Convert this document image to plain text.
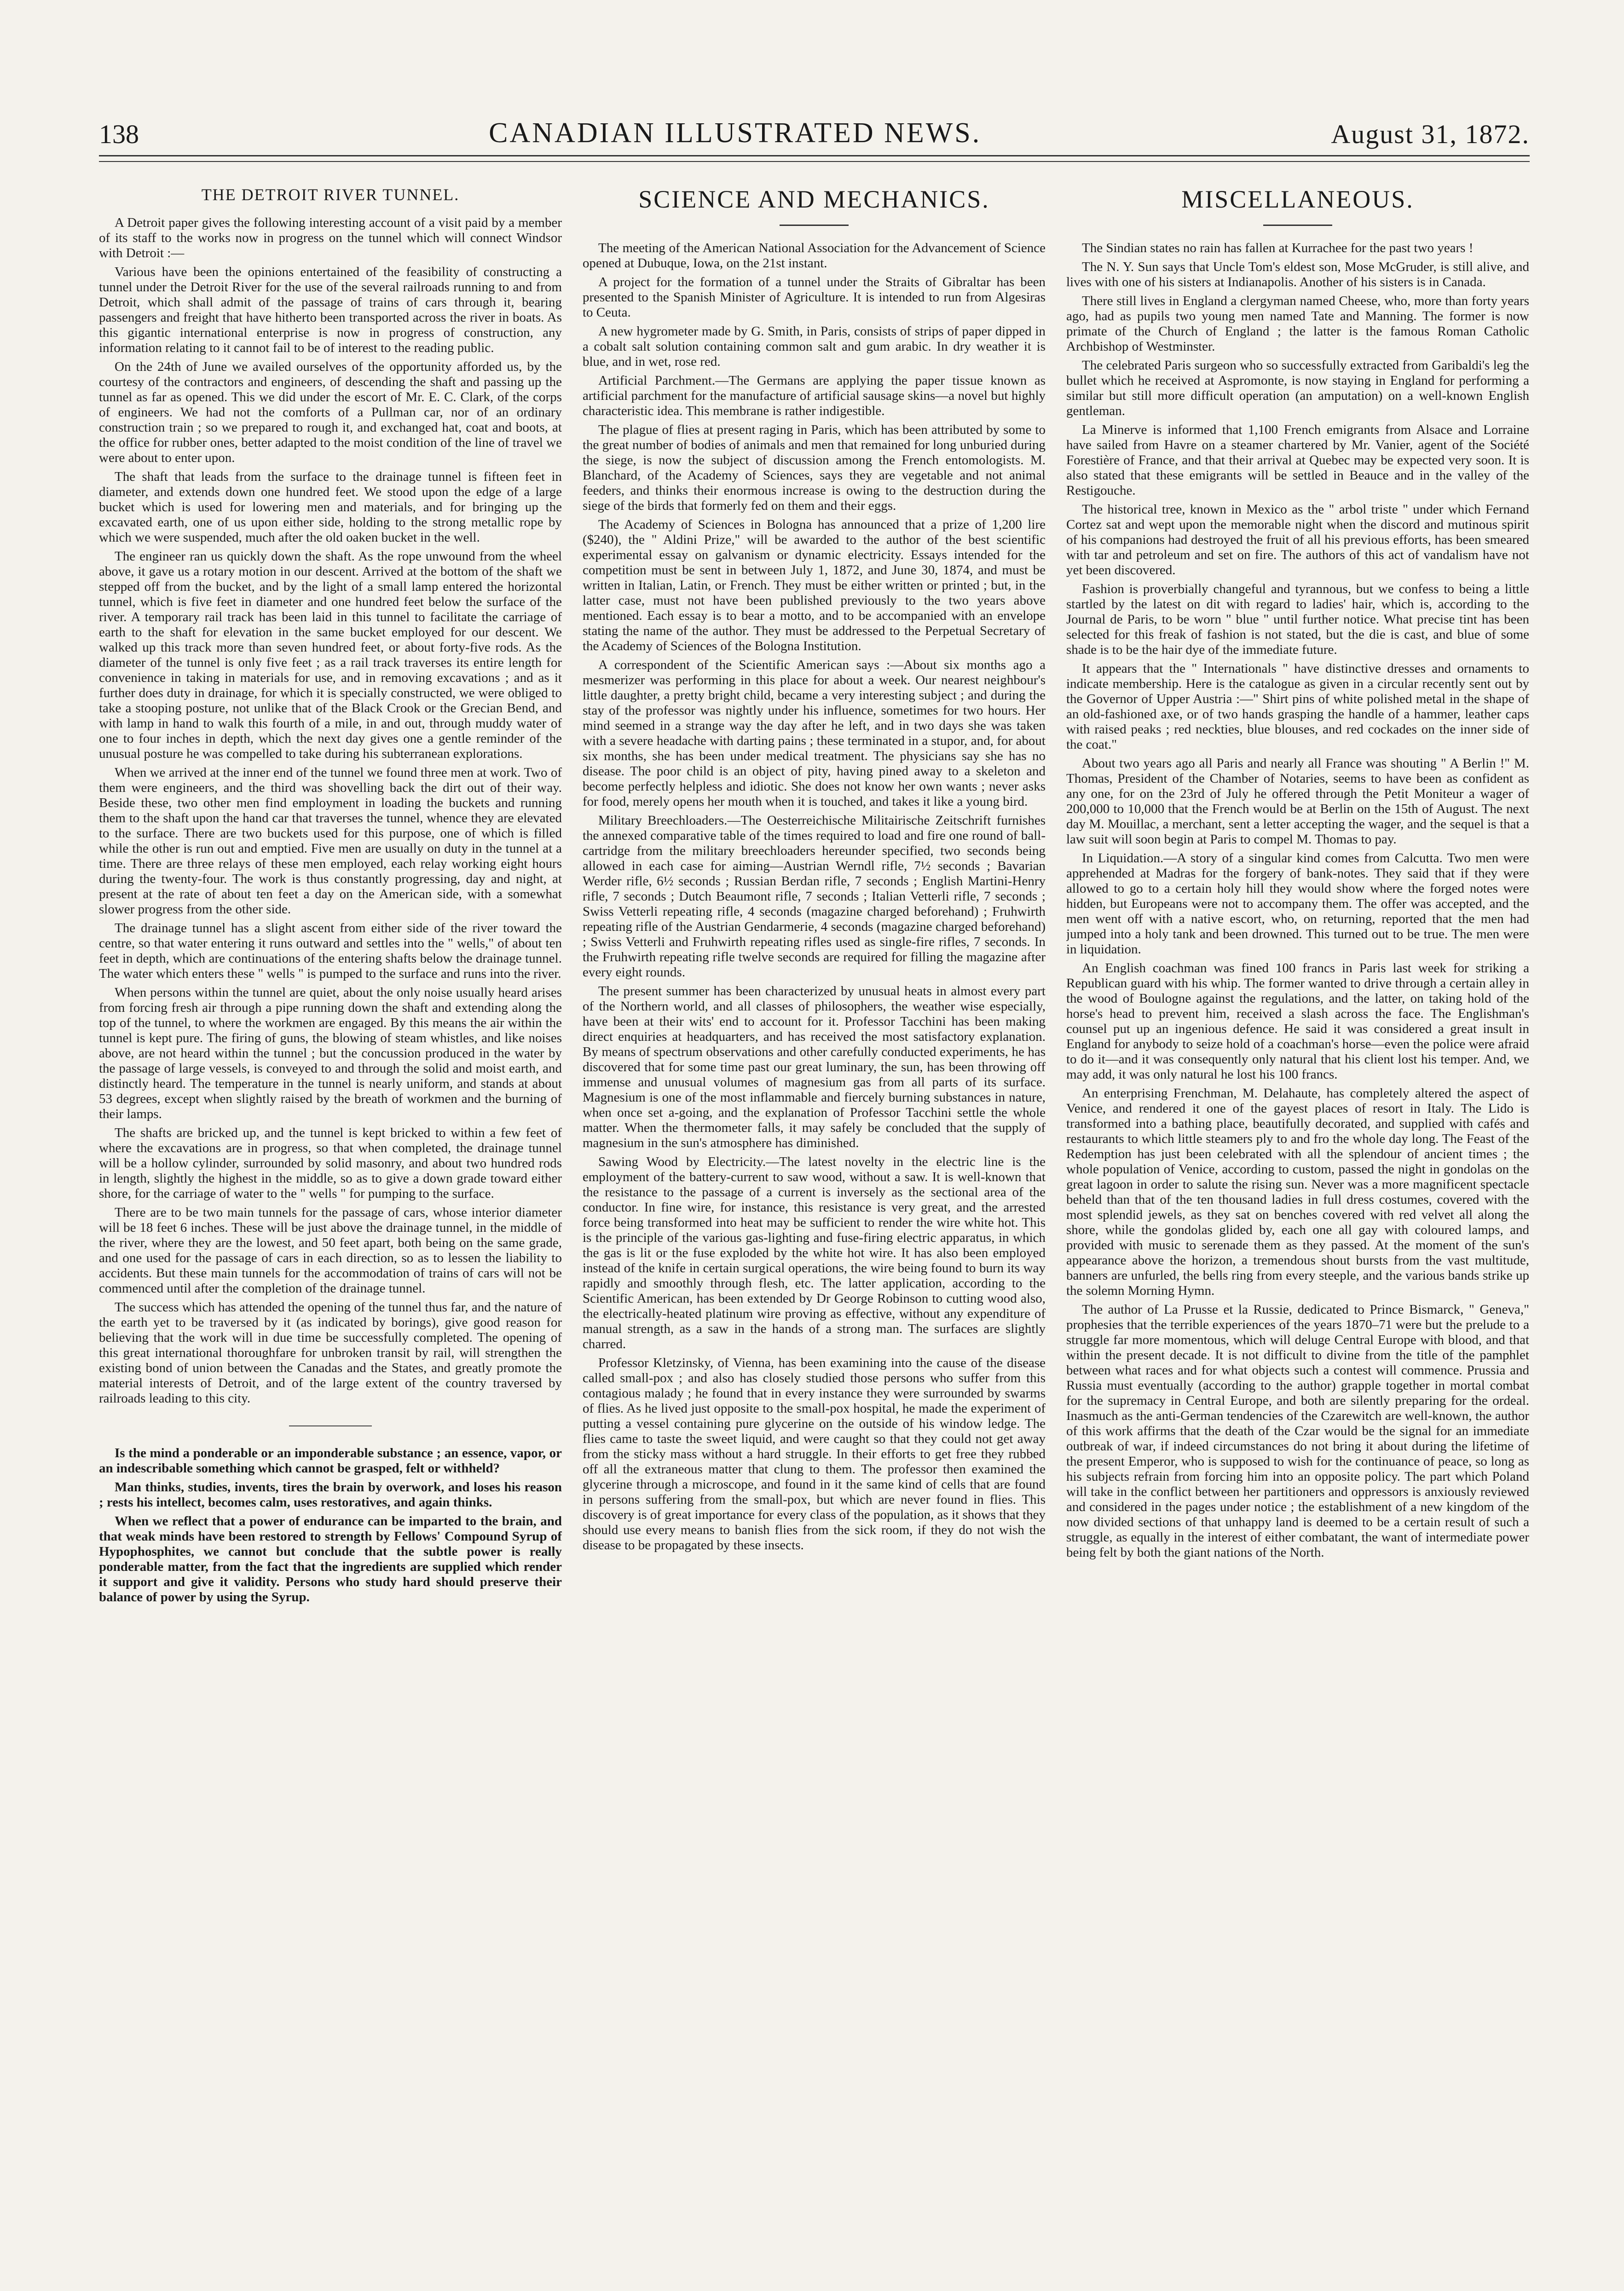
138	CANADIAN ILLUSTRATED NEWS.	August 31, 1872.
THE DETROIT RIVER TUNNEL.

A Detroit paper gives the following interesting account of a visit paid by a member of its staff to the works now in progress on the tunnel which will connect Windsor with Detroit :—

Various have been the opinions entertained of the feasibility of constructing a tunnel under the Detroit River for the use of the several railroads running to and from Detroit, which shall admit of the passage of trains of cars through it, bearing passengers and freight that have hitherto been transported across the river in boats. As this gigantic international enterprise is now in progress of construction, any information relating to it cannot fail to be of interest to the reading public.

On the 24th of June we availed ourselves of the opportunity afforded us, by the courtesy of the contractors and engineers, of descending the shaft and passing up the tunnel as far as opened. This we did under the escort of Mr. E. C. Clark, of the corps of engineers. We had not the comforts of a Pullman car, nor of an ordinary construction train ; so we prepared to rough it, and exchanged hat, coat and boots, at the office for rubber ones, better adapted to the moist condition of the line of travel we were about to enter upon.

The shaft that leads from the surface to the drainage tunnel is fifteen feet in diameter, and extends down one hundred feet. We stood upon the edge of a large bucket which is used for lowering men and materials, and for bringing up the excavated earth, one of us upon either side, holding to the strong metallic rope by which we were suspended, much after the old oaken bucket in the well.

The engineer ran us quickly down the shaft. As the rope unwound from the wheel above, it gave us a rotary motion in our descent. Arrived at the bottom of the shaft we stepped off from the bucket, and by the light of a small lamp entered the horizontal tunnel, which is five feet in diameter and one hundred feet below the surface of the river. A temporary rail track has been laid in this tunnel to facilitate the carriage of earth to the shaft for elevation in the same bucket employed for our descent. We walked up this track more than seven hundred feet, or about forty-five rods. As the diameter of the tunnel is only five feet ; as a rail track traverses its entire length for convenience in taking in materials for use, and in removing excavations ; and as it further does duty in drainage, for which it is specially constructed, we were obliged to take a stooping posture, not unlike that of the Black Crook or the Grecian Bend, and with lamp in hand to walk this fourth of a mile, in and out, through muddy water of one to four inches in depth, which the next day gives one a gentle reminder of the unusual posture he was compelled to take during his subterranean explorations.

When we arrived at the inner end of the tunnel we found three men at work. Two of them were engineers, and the third was shovelling back the dirt out of their way. Beside these, two other men find employment in loading the buckets and running them to the shaft upon the hand car that traverses the tunnel, whence they are elevated to the surface. There are two buckets used for this purpose, one of which is filled while the other is run out and emptied. Five men are usually on duty in the tunnel at a time. There are three relays of these men employed, each relay working eight hours during the twenty-four. The work is thus constantly progressing, day and night, at present at the rate of about ten feet a day on the American side, with a somewhat slower progress from the other side.

The drainage tunnel has a slight ascent from either side of the river toward the centre, so that water entering it runs outward and settles into the " wells," of about ten feet in depth, which are continuations of the entering shafts below the drainage tunnel. The water which enters these " wells " is pumped to the surface and runs into the river.

When persons within the tunnel are quiet, about the only noise usually heard arises from forcing fresh air through a pipe running down the shaft and extending along the top of the tunnel, to where the workmen are engaged. By this means the air within the tunnel is kept pure. The firing of guns, the blowing of steam whistles, and like noises above, are not heard within the tunnel ; but the concussion produced in the water by the passage of large vessels, is conveyed to and through the solid and moist earth, and distinctly heard. The temperature in the tunnel is nearly uniform, and stands at about 53 degrees, except when slightly raised by the breath of workmen and the burning of their lamps.

The shafts are bricked up, and the tunnel is kept bricked to within a few feet of where the excavations are in progress, so that when completed, the drainage tunnel will be a hollow cylinder, surrounded by solid masonry, and about two hundred rods in length, slightly the highest in the middle, so as to give a down grade toward either shore, for the carriage of water to the " wells " for pumping to the surface.

There are to be two main tunnels for the passage of cars, whose interior diameter will be 18 feet 6 inches. These will be just above the drainage tunnel, in the middle of the river, where they are the lowest, and 50 feet apart, both being on the same grade, and one used for the passage of cars in each direction, so as to lessen the liability to accidents. But these main tunnels for the accommodation of trains of cars will not be commenced until after the completion of the drainage tunnel.

The success which has attended the opening of the tunnel thus far, and the nature of the earth yet to be traversed by it (as indicated by borings), give good reason for believing that the work will in due time be successfully completed. The opening of this great international thoroughfare for unbroken transit by rail, will strengthen the existing bond of union between the Canadas and the States, and greatly promote the material interests of Detroit, and of the large extent of the country traversed by railroads leading to this city.

Is the mind a ponderable or an imponderable substance ; an essence, vapor, or an indescribable something which cannot be grasped, felt or withheld?

Man thinks, studies, invents, tires the brain by overwork, and loses his reason ; rests his intellect, becomes calm, uses restoratives, and again thinks.

When we reflect that a power of endurance can be imparted to the brain, and that weak minds have been restored to strength by Fellows' Compound Syrup of Hypophosphites, we cannot but conclude that the subtle power is really ponderable matter, from the fact that the ingredients are supplied which render it support and give it validity. Persons who study hard should preserve their balance of power by using the Syrup.

SCIENCE AND MECHANICS.

The meeting of the American National Association for the Advancement of Science opened at Dubuque, Iowa, on the 21st instant.

A project for the formation of a tunnel under the Straits of Gibraltar has been presented to the Spanish Minister of Agriculture. It is intended to run from Algesiras to Ceuta.

A new hygrometer made by G. Smith, in Paris, consists of strips of paper dipped in a cobalt salt solution containing common salt and gum arabic. In dry weather it is blue, and in wet, rose red.

Artificial Parchment.—The Germans are applying the paper tissue known as artificial parchment for the manufacture of artificial sausage skins—a novel but highly characteristic idea. This membrane is rather indigestible.

The plague of flies at present raging in Paris, which has been attributed by some to the great number of bodies of animals and men that remained for long unburied during the siege, is now the subject of discussion among the French entomologists. M. Blanchard, of the Academy of Sciences, says they are vegetable and not animal feeders, and thinks their enormous increase is owing to the destruction during the siege of the birds that formerly fed on them and their eggs.

The Academy of Sciences in Bologna has announced that a prize of 1,200 lire ($240), the " Aldini Prize," will be awarded to the author of the best scientific experimental essay on galvanism or dynamic electricity. Essays intended for the competition must be sent in between July 1, 1872, and June 30, 1874, and must be written in Italian, Latin, or French. They must be either written or printed ; but, in the latter case, must not have been published previously to the two years above mentioned. Each essay is to bear a motto, and to be accompanied with an envelope stating the name of the author. They must be addressed to the Perpetual Secretary of the Academy of Sciences of the Bologna Institution.

A correspondent of the Scientific American says :—About six months ago a mesmerizer was performing in this place for about a week. Our nearest neighbour's little daughter, a pretty bright child, became a very interesting subject ; and during the stay of the professor was nightly under his influence, sometimes for two hours. Her mind seemed in a strange way the day after he left, and in two days she was taken with a severe headache with darting pains ; these terminated in a stupor, and, for about six months, she has been under medical treatment. The physicians say she has no disease. The poor child is an object of pity, having pined away to a skeleton and become perfectly helpless and idiotic. She does not know her own wants ; never asks for food, merely opens her mouth when it is touched, and takes it like a young bird.

Military Breechloaders.—The Oesterreichische Militairische Zeitschrift furnishes the annexed comparative table of the times required to load and fire one round of ball-cartridge from the military breechloaders hereunder specified, two seconds being allowed in each case for aiming—Austrian Werndl rifle, 7½ seconds ; Bavarian Werder rifle, 6½ seconds ; Russian Berdan rifle, 7 seconds ; English Martini-Henry rifle, 7 seconds ; Dutch Beaumont rifle, 7 seconds ; Italian Vetterli rifle, 7 seconds ; Swiss Vetterli repeating rifle, 4 seconds (magazine charged beforehand) ; Fruhwirth repeating rifle of the Austrian Gendarmerie, 4 seconds (magazine charged beforehand) ; Swiss Vetterli and Fruhwirth repeating rifles used as single-fire rifles, 7 seconds. In the Fruhwirth repeating rifle twelve seconds are required for filling the magazine after every eight rounds.

The present summer has been characterized by unusual heats in almost every part of the Northern world, and all classes of philosophers, the weather wise especially, have been at their wits' end to account for it. Professor Tacchini has been making direct enquiries at headquarters, and has received the most satisfactory explanation. By means of spectrum observations and other carefully conducted experiments, he has discovered that for some time past our great luminary, the sun, has been throwing off immense and unusual volumes of magnesium gas from all parts of its surface. Magnesium is one of the most inflammable and fiercely burning substances in nature, when once set a-going, and the explanation of Professor Tacchini settle the whole matter. When the thermometer falls, it may safely be concluded that the supply of magnesium in the sun's atmosphere has diminished.

Sawing Wood by Electricity.—The latest novelty in the electric line is the employment of the battery-current to saw wood, without a saw. It is well-known that the resistance to the passage of a current is inversely as the sectional area of the conductor. In fine wire, for instance, this resistance is very great, and the arrested force being transformed into heat may be sufficient to render the wire white hot. This is the principle of the various gas-lighting and fuse-firing electric apparatus, in which the gas is lit or the fuse exploded by the white hot wire. It has also been employed instead of the knife in certain surgical operations, the wire being found to burn its way rapidly and smoothly through flesh, etc. The latter application, according to the Scientific American, has been extended by Dr George Robinson to cutting wood also, the electrically-heated platinum wire proving as effective, without any expenditure of manual strength, as a saw in the hands of a strong man. The surfaces are slightly charred.

Professor Kletzinsky, of Vienna, has been examining into the cause of the disease called small-pox ; and also has closely studied those persons who suffer from this contagious malady ; he found that in every instance they were surrounded by swarms of flies. As he lived just opposite to the small-pox hospital, he made the experiment of putting a vessel containing pure glycerine on the outside of his window ledge. The flies came to taste the sweet liquid, and were caught so that they could not get away from the sticky mass without a hard struggle. In their efforts to get free they rubbed off all the extraneous matter that clung to them. The professor then examined the glycerine through a microscope, and found in it the same kind of cells that are found in persons suffering from the small-pox, but which are never found in flies. This discovery is of great importance for every class of the population, as it shows that they should use every means to banish flies from the sick room, if they do not wish the disease to be propagated by these insects.

MISCELLANEOUS.

The Sindian states no rain has fallen at Kurrachee for the past two years !

The N. Y. Sun says that Uncle Tom's eldest son, Mose McGruder, is still alive, and lives with one of his sisters at Indianapolis. Another of his sisters is in Canada.

There still lives in England a clergyman named Cheese, who, more than forty years ago, had as pupils two young men named Tate and Manning. The former is now primate of the Church of England ; the latter is the famous Roman Catholic Archbishop of Westminster.

The celebrated Paris surgeon who so successfully extracted from Garibaldi's leg the bullet which he received at Aspromonte, is now staying in England for performing a similar but still more difficult operation (an amputation) on a well-known English gentleman.

La Minerve is informed that 1,100 French emigrants from Alsace and Lorraine have sailed from Havre on a steamer chartered by Mr. Vanier, agent of the Société Forestière of France, and that their arrival at Quebec may be expected very soon. It is also stated that these emigrants will be settled in Beauce and in the valley of the Restigouche.

The historical tree, known in Mexico as the " arbol triste " under which Fernand Cortez sat and wept upon the memorable night when the discord and mutinous spirit of his companions had destroyed the fruit of all his previous efforts, has been smeared with tar and petroleum and set on fire. The authors of this act of vandalism have not yet been discovered.

Fashion is proverbially changeful and tyrannous, but we confess to being a little startled by the latest on dit with regard to ladies' hair, which is, according to the Journal de Paris, to be worn " blue " until further notice. What precise tint has been selected for this freak of fashion is not stated, but the die is cast, and blue of some shade is to be the hair dye of the immediate future.

It appears that the " Internationals " have distinctive dresses and ornaments to indicate membership. Here is the catalogue as given in a circular recently sent out by the Governor of Upper Austria :—" Shirt pins of white polished metal in the shape of an old-fashioned axe, or of two hands grasping the handle of a hammer, leather caps with raised peaks ; red neckties, blue blouses, and red cockades on the inner side of the coat."

About two years ago all Paris and nearly all France was shouting " A Berlin !" M. Thomas, President of the Chamber of Notaries, seems to have been as confident as any one, for on the 23rd of July he offered through the Petit Moniteur a wager of 200,000 to 10,000 that the French would be at Berlin on the 15th of August. The next day M. Mouillac, a merchant, sent a letter accepting the wager, and the sequel is that a law suit will soon begin at Paris to compel M. Thomas to pay.

In Liquidation.—A story of a singular kind comes from Calcutta. Two men were apprehended at Madras for the forgery of bank-notes. They said that if they were allowed to go to a certain holy hill they would show where the forged notes were hidden, but Europeans were not to accompany them. The offer was accepted, and the men went off with a native escort, who, on returning, reported that the men had jumped into a holy tank and been drowned. This turned out to be true. The men were in liquidation.

An English coachman was fined 100 francs in Paris last week for striking a Republican guard with his whip. The former wanted to drive through a certain alley in the wood of Boulogne against the regulations, and the latter, on taking hold of the horse's head to prevent him, received a slash across the face. The Englishman's counsel put up an ingenious defence. He said it was considered a great insult in England for anybody to seize hold of a coachman's horse—even the police were afraid to do it—and it was consequently only natural that his client lost his temper. And, we may add, it was only natural he lost his 100 francs.

An enterprising Frenchman, M. Delahaute, has completely altered the aspect of Venice, and rendered it one of the gayest places of resort in Italy. The Lido is transformed into a bathing place, beautifully decorated, and supplied with cafés and restaurants to which little steamers ply to and fro the whole day long. The Feast of the Redemption has just been celebrated with all the splendour of ancient times ; the whole population of Venice, according to custom, passed the night in gondolas on the great lagoon in order to salute the rising sun. Never was a more magnificent spectacle beheld than that of the ten thousand ladies in full dress costumes, covered with the most splendid jewels, as they sat on benches covered with red velvet all along the shore, while the gondolas glided by, each one all gay with coloured lamps, and provided with music to serenade them as they passed. At the moment of the sun's appearance above the horizon, a tremendous shout bursts from the vast multitude, banners are unfurled, the bells ring from every steeple, and the various bands strike up the solemn Morning Hymn.

The author of La Prusse et la Russie, dedicated to Prince Bismarck, " Geneva," prophesies that the terrible experiences of the years 1870–71 were but the prelude to a struggle far more momentous, which will deluge Central Europe with blood, and that within the present decade. It is not difficult to divine from the title of the pamphlet between what races and for what objects such a contest will commence. Prussia and Russia must eventually (according to the author) grapple together in mortal combat for the supremacy in Central Europe, and both are silently preparing for the ordeal. Inasmuch as the anti-German tendencies of the Czarewitch are well-known, the author of this work affirms that the death of the Czar would be the signal for an immediate outbreak of war, if indeed circumstances do not bring it about during the lifetime of the present Emperor, who is supposed to wish for the continuance of peace, so long as his subjects refrain from forcing him into an opposite policy. The part which Poland will take in the conflict between her partitioners and oppressors is anxiously reviewed and considered in the pages under notice ; the establishment of a new kingdom of the now divided sections of that unhappy land is deemed to be a certain result of such a struggle, as equally in the interest of either combatant, the want of intermediate power being felt by both the giant nations of the North.
